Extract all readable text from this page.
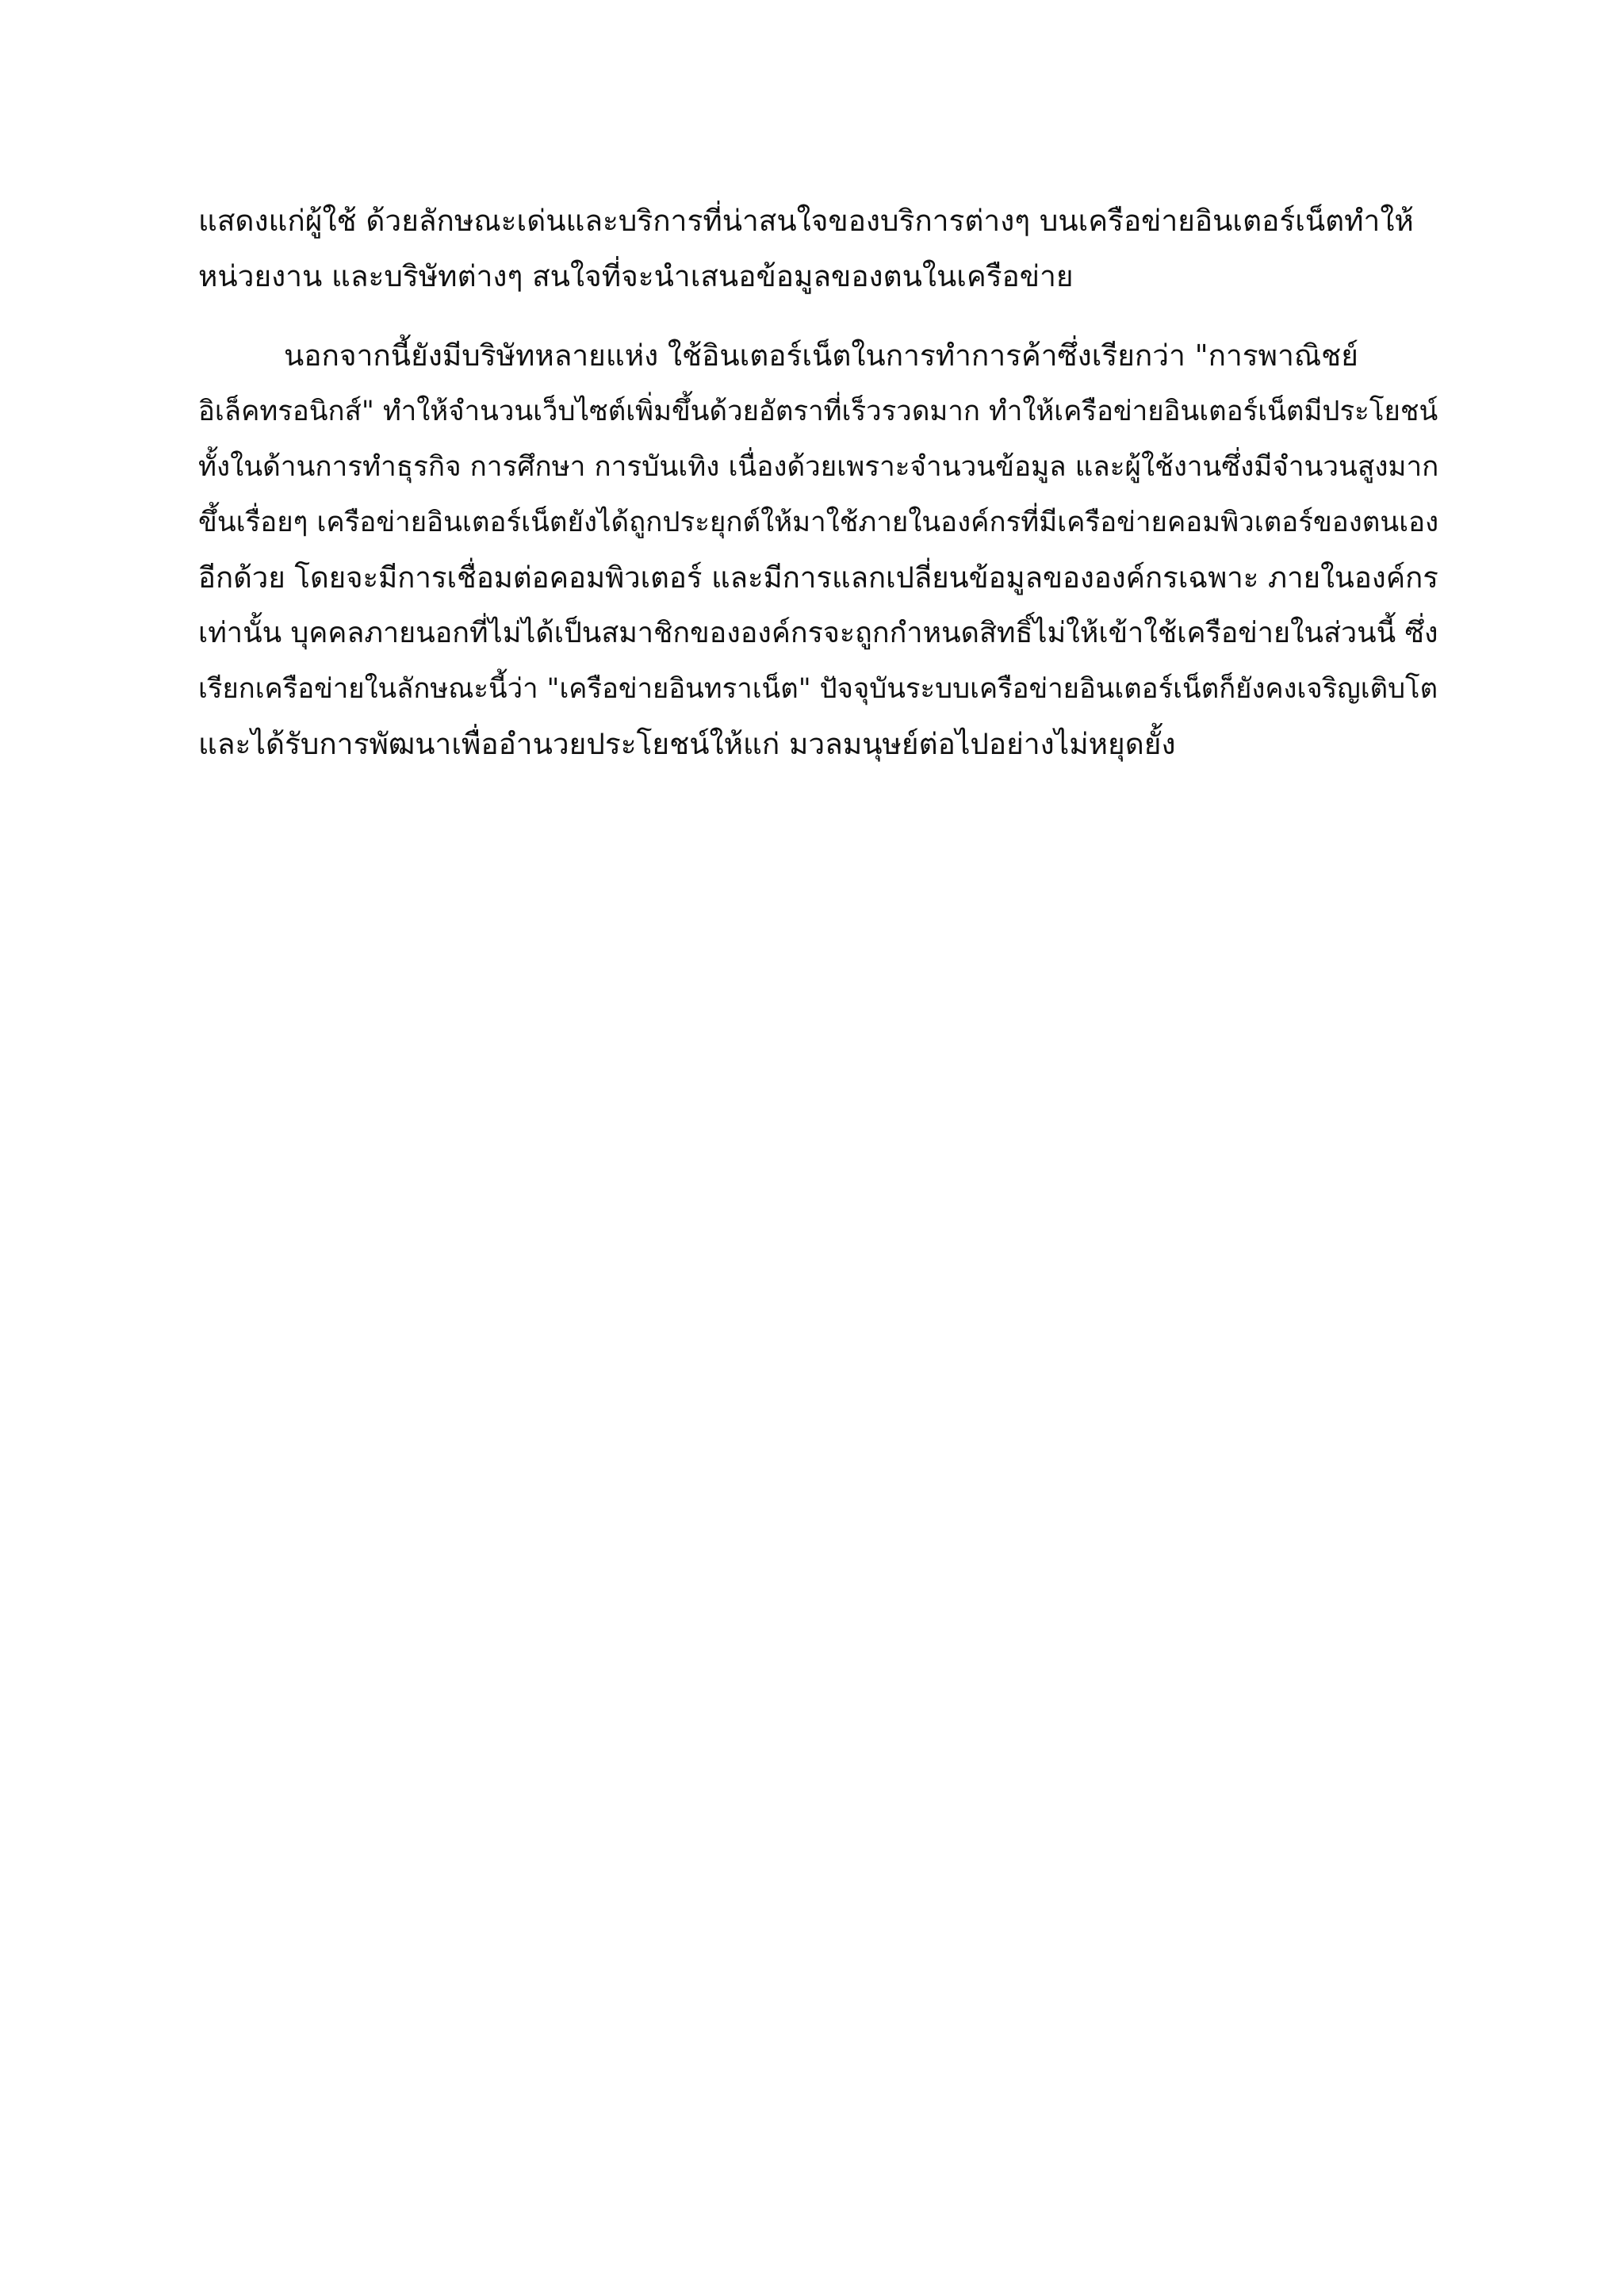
แสดงแก่ผู้ใช้ ด้วยลักษณะเด่นและบริการที่น่าสนใจของบริการต่างๆ บนเครือข่ายอินเตอร์เน็ตทำให้
หน่วยงาน และบริษัทต่างๆ สนใจที่จะนำเสนอข้อมูลของตนในเครือข่าย
นอกจากนี้ยังมีบริษัทหลายแห่ง ใช้อินเตอร์เน็ตในการทำการค้าซึ่งเรียกว่า "การพาณิชย์
อิเล็คทรอนิกส์" ทำให้จำนวนเว็บไซต์เพิ่มขึ้นด้วยอัตราที่เร็วรวดมาก ทำให้เครือข่ายอินเตอร์เน็ตมีประโยชน์
ทั้งในด้านการทำธุรกิจ การศึกษา การบันเทิง เนื่องด้วยเพราะจำนวนข้อมูล และผู้ใช้งานซึ่งมีจำนวนสูงมาก
ขึ้นเรื่อยๆ เครือข่ายอินเตอร์เน็ตยังได้ถูกประยุกต์ให้มาใช้ภายในองค์กรที่มีเครือข่ายคอมพิวเตอร์ของตนเอง
อีกด้วย โดยจะมีการเชื่อมต่อคอมพิวเตอร์ และมีการแลกเปลี่ยนข้อมูลขององค์กรเฉพาะ ภายในองค์กร
เท่านั้น บุคคลภายนอกที่ไม่ได้เป็นสมาชิกขององค์กรจะถูกกำหนดสิทธิ์ไม่ให้เข้าใช้เครือข่ายในส่วนนี้ ซึ่ง
เรียกเครือข่ายในลักษณะนี้ว่า "เครือข่ายอินทราเน็ต" ปัจจุบันระบบเครือข่ายอินเตอร์เน็ตก็ยังคงเจริญเติบโต
และได้รับการพัฒนาเพื่ออำนวยประโยชน์ให้แก่ มวลมนุษย์ต่อไปอย่างไม่หยุดยั้ง
